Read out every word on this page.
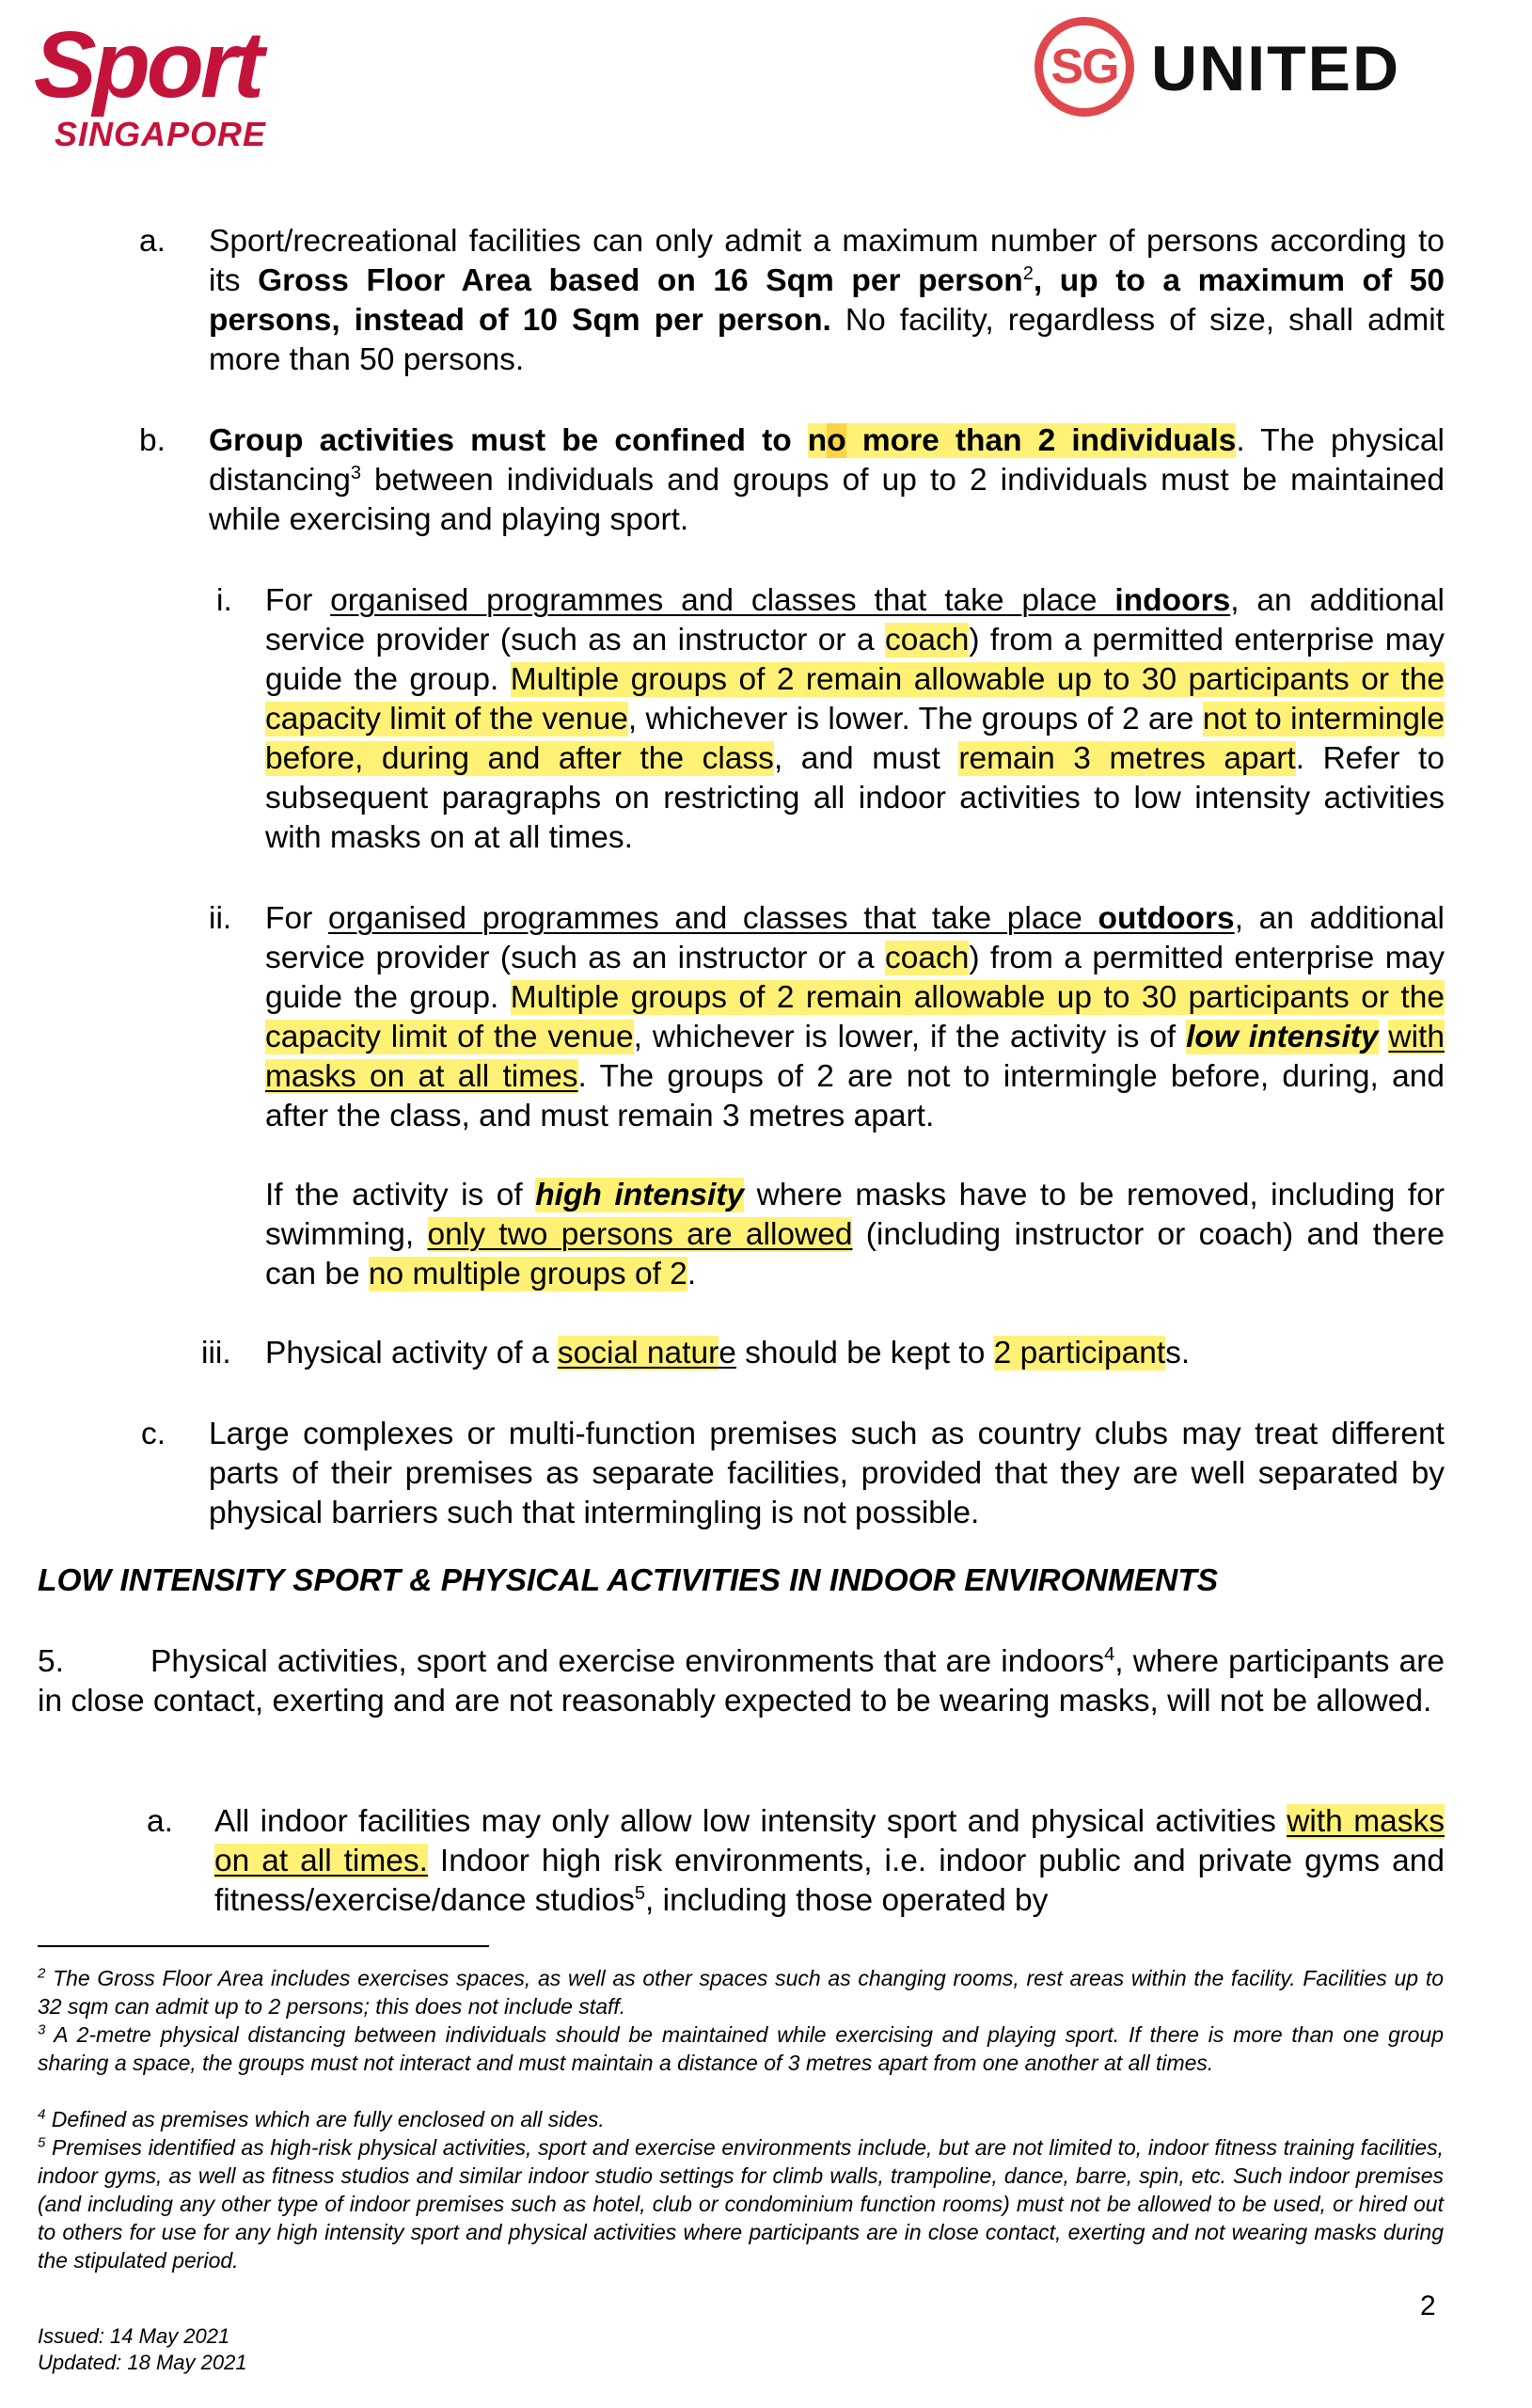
Sport
SINGAPORE
SG UNITED
a. Sport/recreational facilities can only admit a maximum number of persons according to its Gross Floor Area based on 16 Sqm per person$^2$, up to a maximum of 50 persons, instead of 10 Sqm per person. No facility, regardless of size, shall admit more than 50 persons.
b. Group activities must be confined to no more than 2 individuals. The physical distancing$^3$ between individuals and groups of up to 2 individuals must be maintained while exercising and playing sport.
i. For organised programmes and classes that take place indoors, an additional service provider (such as an instructor or a coach) from a permitted enterprise may guide the group. Multiple groups of 2 remain allowable up to 30 participants or the capacity limit of the venue, whichever is lower. The groups of 2 are not to intermingle before, during and after the class, and must remain 3 metres apart. Refer to subsequent paragraphs on restricting all indoor activities to low intensity activities with masks on at all times.
ii. For organised programmes and classes that take place outdoors, an additional service provider (such as an instructor or a coach) from a permitted enterprise may guide the group. Multiple groups of 2 remain allowable up to 30 participants or the capacity limit of the venue, whichever is lower, if the activity is of low intensity with masks on at all times. The groups of 2 are not to intermingle before, during, and after the class, and must remain 3 metres apart.
If the activity is of high intensity where masks have to be removed, including for swimming, only two persons are allowed (including instructor or coach) and there can be no multiple groups of 2.
iii. Physical activity of a social nature should be kept to 2 participants.
c. Large complexes or multi-function premises such as country clubs may treat different parts of their premises as separate facilities, provided that they are well separated by physical barriers such that intermingling is not possible.
LOW INTENSITY SPORT & PHYSICAL ACTIVITIES IN INDOOR ENVIRONMENTS
5.	Physical activities, sport and exercise environments that are indoors$^4$, where participants are in close contact, exerting and are not reasonably expected to be wearing masks, will not be allowed.
a. All indoor facilities may only allow low intensity sport and physical activities with masks on at all times. Indoor high risk environments, i.e. indoor public and private gyms and fitness/exercise/dance studios$^5$, including those operated by
$^2$ The Gross Floor Area includes exercises spaces, as well as other spaces such as changing rooms, rest areas within the facility. Facilities up to 32 sqm can admit up to 2 persons; this does not include staff.
$^3$ A 2-metre physical distancing between individuals should be maintained while exercising and playing sport. If there is more than one group sharing a space, the groups must not interact and must maintain a distance of 3 metres apart from one another at all times.
$^4$ Defined as premises which are fully enclosed on all sides.
$^5$ Premises identified as high-risk physical activities, sport and exercise environments include, but are not limited to, indoor fitness training facilities, indoor gyms, as well as fitness studios and similar indoor studio settings for climb walls, trampoline, dance, barre, spin, etc. Such indoor premises (and including any other type of indoor premises such as hotel, club or condominium function rooms) must not be allowed to be used, or hired out to others for use for any high intensity sport and physical activities where participants are in close contact, exerting and not wearing masks during the stipulated period.
2
Issued: 14 May 2021
Updated: 18 May 2021
